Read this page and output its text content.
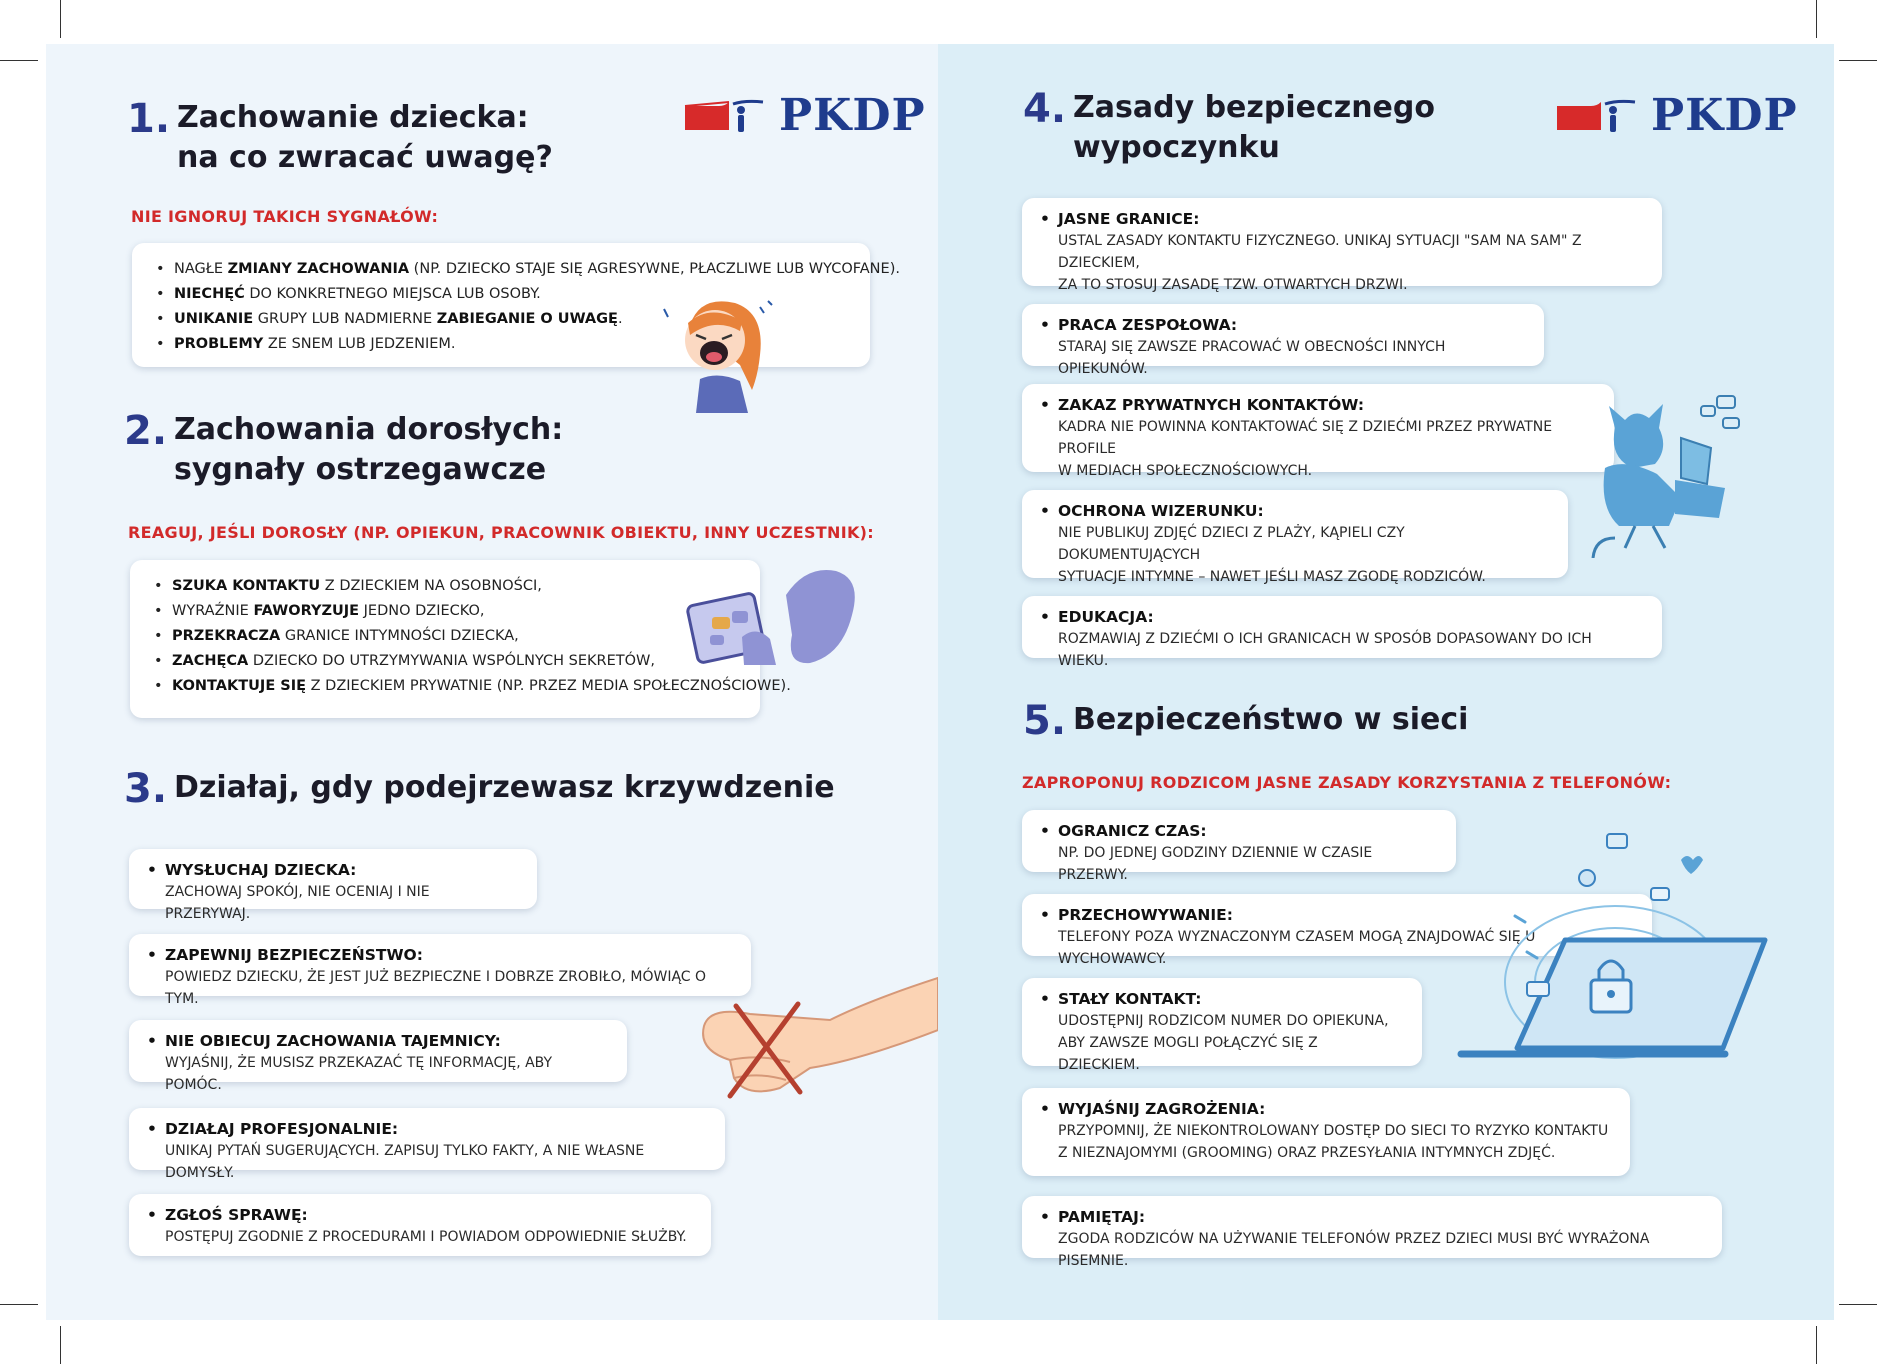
PKDP
1. Zachowanie dziecka:
na co zwracać uwagę?
NIE IGNORUJ TAKICH SYGNAŁÓW:
• NAGŁE ZMIANY ZACHOWANIA (NP. DZIECKO STAJE SIĘ AGRESYWNE, PŁACZLIWE LUB WYCOFANE).
• NIECHĘĆ DO KONKRETNEGO MIEJSCA LUB OSOBY.
• UNIKANIE GRUPY LUB NADMIERNE ZABIEGANIE O UWAGĘ.
• PROBLEMY ZE SNEM LUB JEDZENIEM.
2. Zachowania dorosłych:
sygnały ostrzegawcze
REAGUJ, JEŚLI DOROSŁY (NP. OPIEKUN, PRACOWNIK OBIEKTU, INNY UCZESTNIK):
• SZUKA KONTAKTU Z DZIECKIEM NA OSOBNOŚCI,
• WYRAŹNIE FAWORYZUJE JEDNO DZIECKO,
• PRZEKRACZA GRANICE INTYMNOŚCI DZIECKA,
• ZACHĘCA DZIECKO DO UTRZYMYWANIA WSPÓLNYCH SEKRETÓW,
• KONTAKTUJE SIĘ Z DZIECKIEM PRYWATNIE (NP. PRZEZ MEDIA SPOŁECZNOŚCIOWE).
3. Działaj, gdy podejrzewasz krzywdzenie
• WYSŁUCHAJ DZIECKA:
ZACHOWAJ SPOKÓJ, NIE OCENIAJ I NIE PRZERYWAJ.
• ZAPEWNIJ BEZPIECZEŃSTWO:
POWIEDZ DZIECKU, ŻE JEST JUŻ BEZPIECZNE I DOBRZE ZROBIŁO, MÓWIĄC O TYM.
• NIE OBIECUJ ZACHOWANIA TAJEMNICY:
WYJAŚNIJ, ŻE MUSISZ PRZEKAZAĆ TĘ INFORMACJĘ, ABY POMÓC.
• DZIAŁAJ PROFESJONALNIE:
UNIKAJ PYTAŃ SUGERUJĄCYCH. ZAPISUJ TYLKO FAKTY, A NIE WŁASNE DOMYSŁY.
• ZGŁOŚ SPRAWĘ:
POSTĘPUJ ZGODNIE Z PROCEDURAMI I POWIADOM ODPOWIEDNIE SŁUŻBY.
PKDP
4. Zasady bezpiecznego
wypoczynku
• JASNE GRANICE:
USTAL ZASADY KONTAKTU FIZYCZNEGO. UNIKAJ SYTUACJI "SAM NA SAM" Z DZIECKIEM,
ZA TO STOSUJ ZASADĘ TZW. OTWARTYCH DRZWI.
• PRACA ZESPOŁOWA:
STARAJ SIĘ ZAWSZE PRACOWAĆ W OBECNOŚCI INNYCH OPIEKUNÓW.
• ZAKAZ PRYWATNYCH KONTAKTÓW:
KADRA NIE POWINNA KONTAKTOWAĆ SIĘ Z DZIEĆMI PRZEZ PRYWATNE PROFILE
W MEDIACH SPOŁECZNOŚCIOWYCH.
• OCHRONA WIZERUNKU:
NIE PUBLIKUJ ZDJĘĆ DZIECI Z PLAŻY, KĄPIELI CZY DOKUMENTUJĄCYCH
SYTUACJE INTYMNE – NAWET JEŚLI MASZ ZGODĘ RODZICÓW.
• EDUKACJA:
ROZMAWIAJ Z DZIEĆMI O ICH GRANICACH W SPOSÓB DOPASOWANY DO ICH WIEKU.
5. Bezpieczeństwo w sieci
ZAPROPONUJ RODZICOM JASNE ZASADY KORZYSTANIA Z TELEFONÓW:
• OGRANICZ CZAS:
NP. DO JEDNEJ GODZINY DZIENNIE W CZASIE PRZERWY.
• PRZECHOWYWANIE:
TELEFONY POZA WYZNACZONYM CZASEM MOGĄ ZNAJDOWAĆ SIĘ U WYCHOWAWCY.
• STAŁY KONTAKT:
UDOSTĘPNIJ RODZICOM NUMER DO OPIEKUNA,
ABY ZAWSZE MOGLI POŁĄCZYĆ SIĘ Z DZIECKIEM.
• WYJAŚNIJ ZAGROŻENIA:
PRZYPOMNIJ, ŻE NIEKONTROLOWANY DOSTĘP DO SIECI TO RYZYKO KONTAKTU
Z NIEZNAJOMYMI (GROOMING) ORAZ PRZESYŁANIA INTYMNYCH ZDJĘĆ.
• PAMIĘTAJ:
ZGODA RODZICÓW NA UŻYWANIE TELEFONÓW PRZEZ DZIECI MUSI BYĆ WYRAŻONA PISEMNIE.
